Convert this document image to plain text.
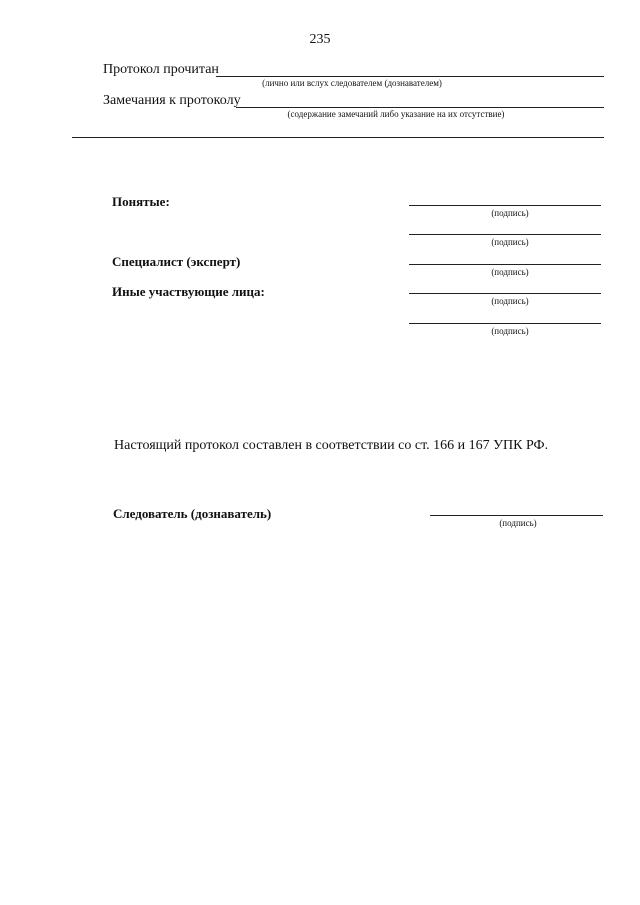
235
Протокол прочитан
(лично или вслух следователем (дознавателем)
Замечания к протоколу
(содержание замечаний либо указание на их отсутствие)
Понятые:
(подпись)
(подпись)
Специалист (эксперт)
(подпись)
Иные участвующие лица:
(подпись)
(подпись)
Настоящий протокол составлен в соответствии со ст. 166 и 167 УПК РФ.
Следователь (дознаватель)
(подпись)
